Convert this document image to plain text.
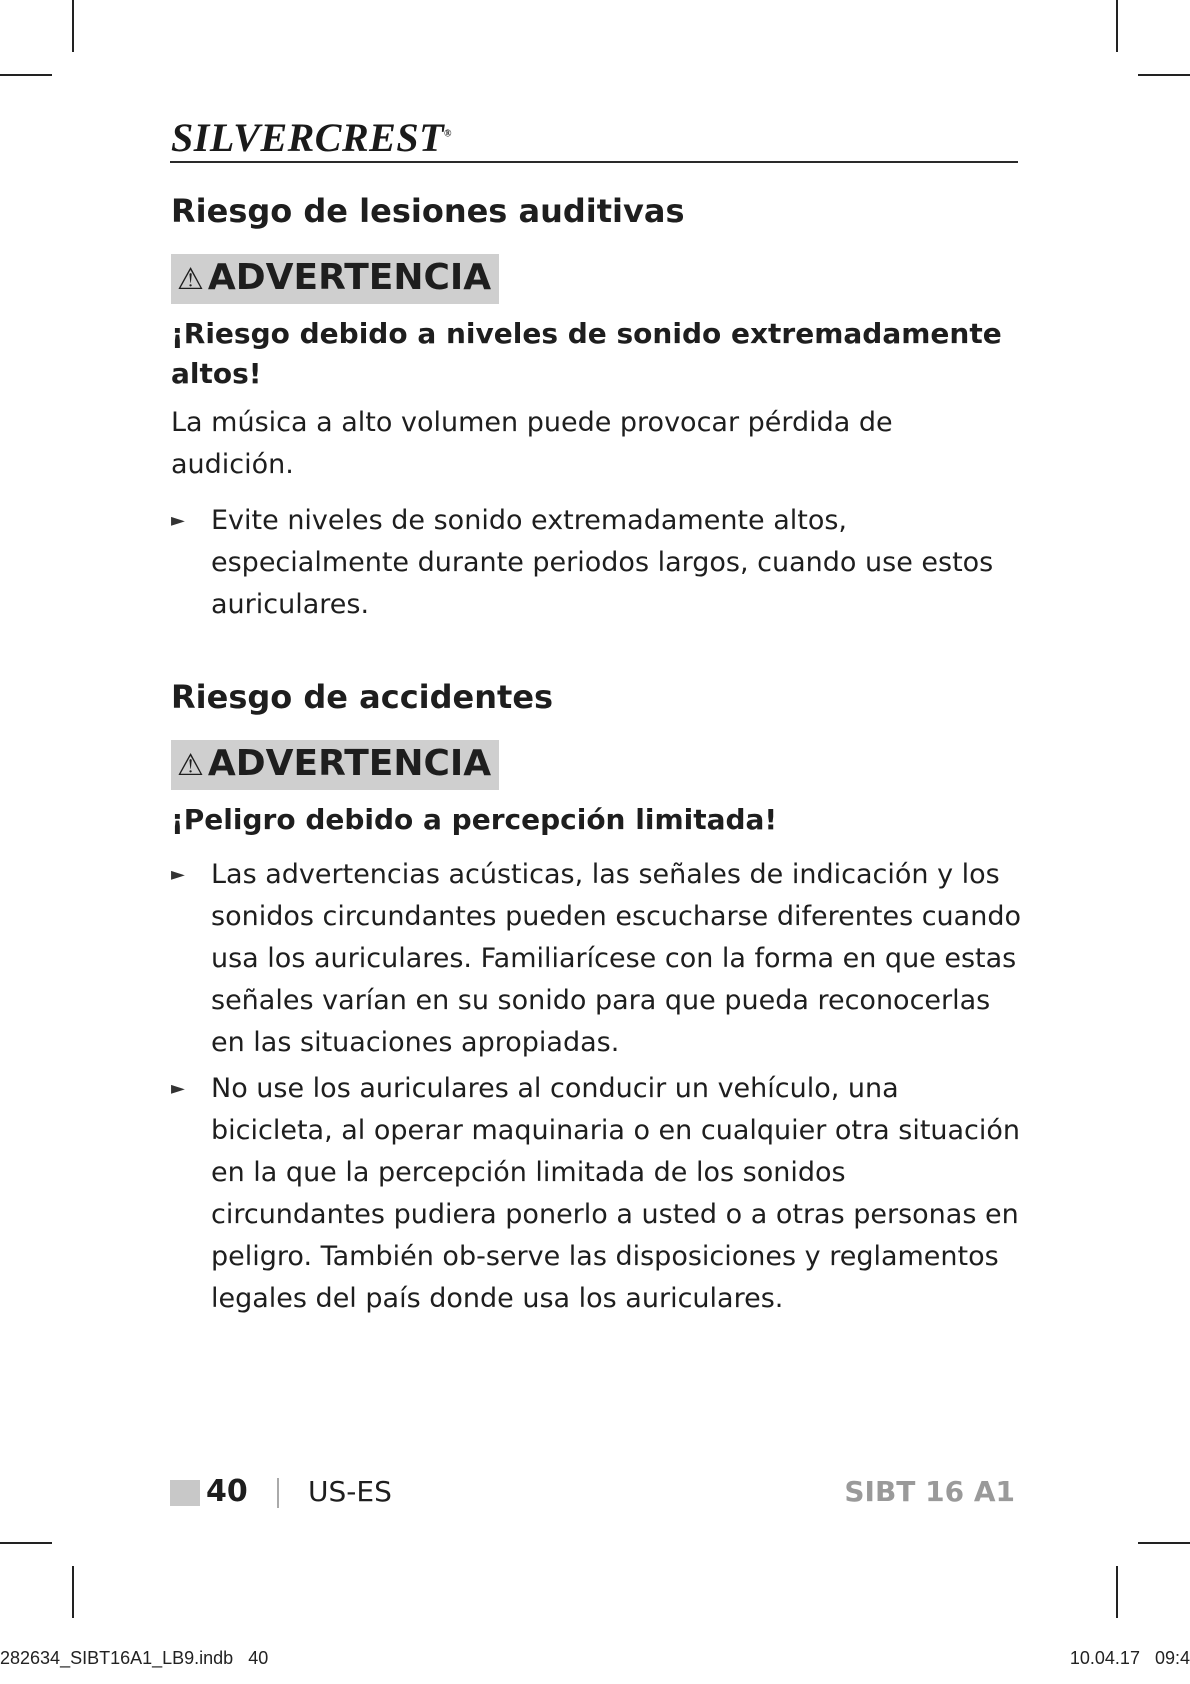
SILVERCREST®
Riesgo de lesiones auditivas
⚠ ADVERTENCIA

¡Riesgo debido a niveles de sonido extremadamente altos!

La música a alto volumen puede provocar pérdida de audición.

► Evite niveles de sonido extremadamente altos, especialmente durante periodos largos, cuando use estos auriculares.
Riesgo de accidentes
⚠ ADVERTENCIA

¡Peligro debido a percepción limitada!

► Las advertencias acústicas, las señales de indicación y los sonidos circundantes pueden escucharse diferentes cuando usa los auriculares. Familiarícese con la forma en que estas señales varían en su sonido para que pueda reconocerlas en las situaciones apropiadas.
► No use los auriculares al conducir un vehículo, una bicicleta, al operar maquinaria o en cualquier otra situación en la que la percepción limitada de los sonidos circundantes pudiera ponerlo a usted o a otras personas en peligro. También ob-serve las disposiciones y reglamentos legales del país donde usa los auriculares.
40 US-ES	SIBT 16 A1
282634_SIBT16A1_LB9.indb   40	10.04.17   09:4
